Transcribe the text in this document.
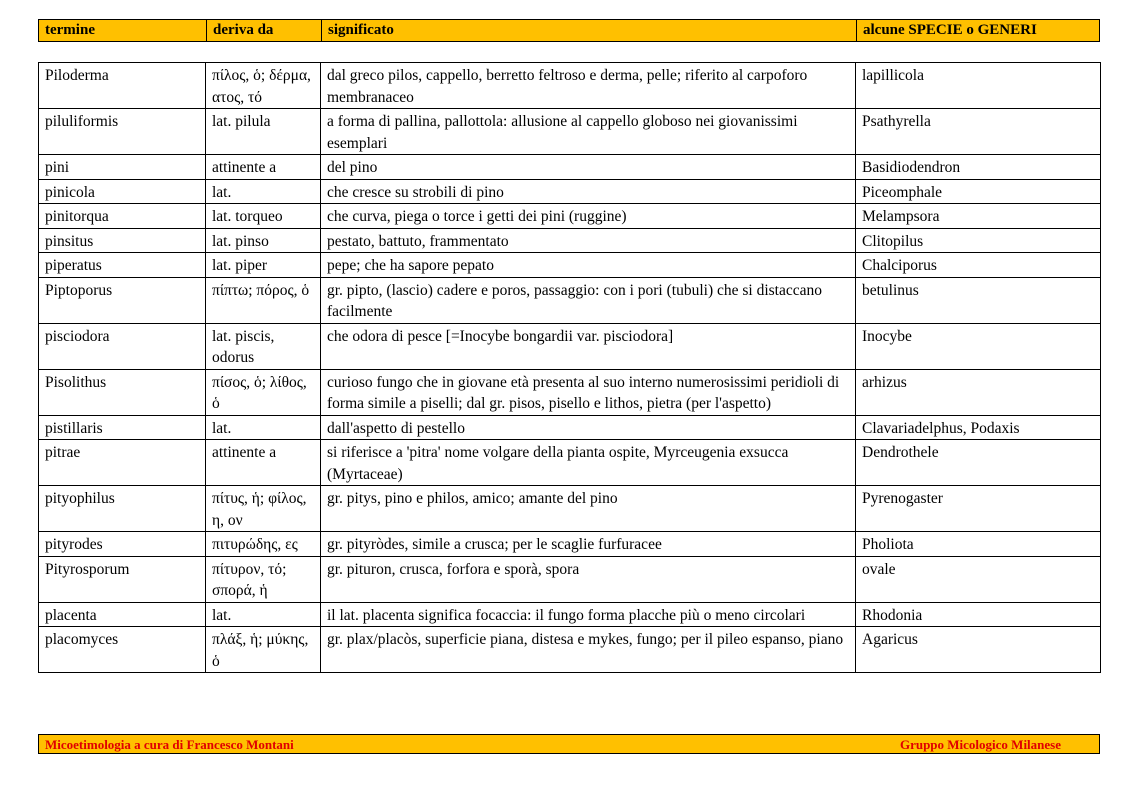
termine	deriva da	significato	alcune SPECIE o GENERI
Piloderma	πίλος, ὁ; δέρμα, ατος, τό	dal greco pilos, cappello, berretto feltroso e derma, pelle; riferito al carpoforo membranaceo	lapillicola
piluliformis	lat. pilula	a forma di pallina, pallottola: allusione al cappello globoso nei giovanissimi esemplari	Psathyrella
pini	attinente a	del pino	Basidiodendron
pinicola	lat.	che cresce su strobili di pino	Piceomphale
pinitorqua	lat. torqueo	che curva, piega o torce i getti dei pini (ruggine)	Melampsora
pinsitus	lat. pinso	pestato, battuto, frammentato	Clitopilus
piperatus	lat. piper	pepe; che ha sapore pepato	Chalciporus
Piptoporus	πίπτω; πόρος, ὁ	gr. pipto, (lascio) cadere e poros, passaggio: con i pori (tubuli) che si distaccano facilmente	betulinus
pisciodora	lat. piscis, odorus	che odora di pesce [=Inocybe bongardii var. pisciodora]	Inocybe
Pisolithus	πίσος, ὁ; λίθος, ὁ	curioso fungo che in giovane età presenta al suo interno numerosissimi peridioli di forma simile a piselli; dal gr. pisos, pisello e lithos, pietra (per l'aspetto)	arhizus
pistillaris	lat.	dall'aspetto di pestello	Clavariadelphus, Podaxis
pitrae	attinente a	si riferisce a 'pitra' nome volgare della pianta ospite, Myrceugenia exsucca (Myrtaceae)	Dendrothele
pityophilus	πίτυς, ἡ; φίλος, η, ον	gr. pitys, pino e philos, amico; amante del pino	Pyrenogaster
pityrodes	πιτυρώδης, ες	gr. pityròdes, simile a crusca; per le scaglie furfuracee	Pholiota
Pityrosporum	πίτυρον, τό; σπορά, ἡ	gr. pituron, crusca, forfora e sporà, spora	ovale
placenta	lat.	il lat. placenta significa focaccia: il fungo forma placche più o meno circolari	Rhodonia
placomyces	πλάξ, ἡ; μύκης, ὁ	gr. plax/placòs, superficie piana, distesa e mykes, fungo; per il pileo espanso, piano	Agaricus
Micoetimologia a cura di Francesco Montani	Gruppo Micologico Milanese
